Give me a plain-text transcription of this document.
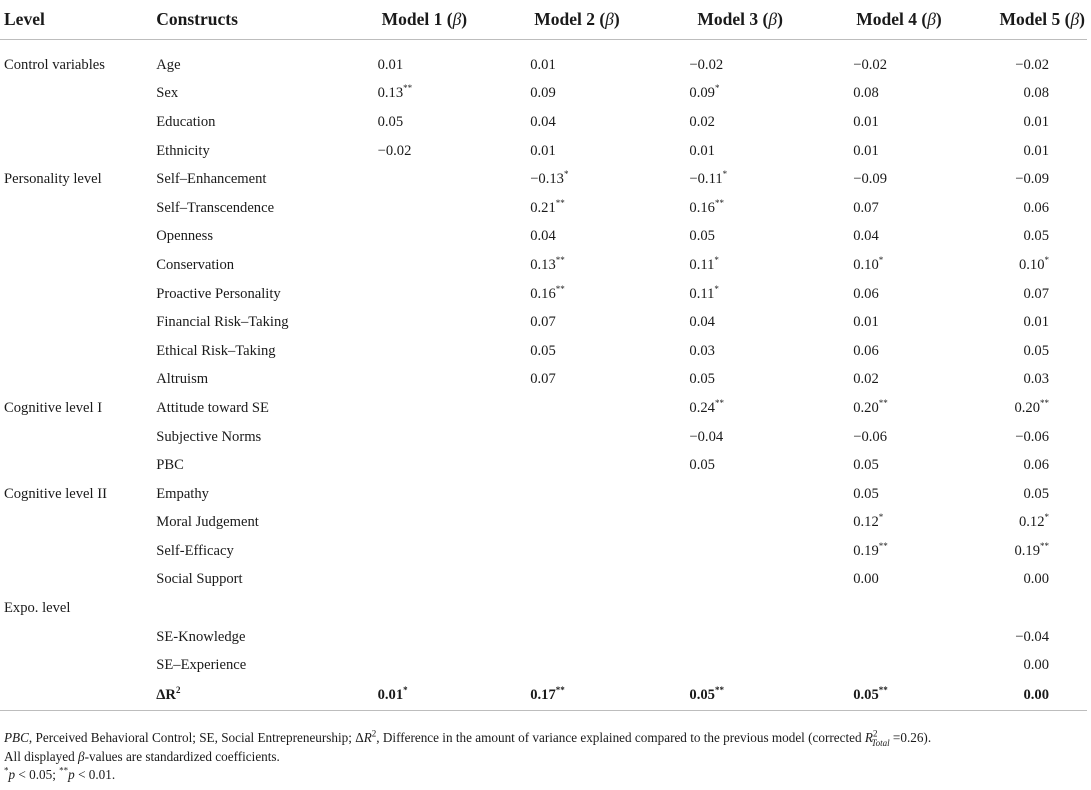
Level	Constructs	Model 1 (β)	Model 2 (β)	Model 3 (β)	Model 4 (β)	Model 5 (β)
Control variables	Age	0.01	0.01	−0.02	−0.02	−0.02
	Sex	0.13**	0.09	0.09*	0.08	0.08
	Education	0.05	0.04	0.02	0.01	0.01
	Ethnicity	−0.02	0.01	0.01	0.01	0.01
Personality level	Self–Enhancement		−0.13*	−0.11*	−0.09	−0.09
	Self–Transcendence		0.21**	0.16**	0.07	0.06
	Openness		0.04	0.05	0.04	0.05
	Conservation		0.13**	0.11*	0.10*	0.10*
	Proactive Personality		0.16**	0.11*	0.06	0.07
	Financial Risk–Taking		0.07	0.04	0.01	0.01
	Ethical Risk–Taking		0.05	0.03	0.06	0.05
	Altruism		0.07	0.05	0.02	0.03
Cognitive level I	Attitude toward SE			0.24**	0.20**	0.20**
	Subjective Norms			−0.04	−0.06	−0.06
	PBC			0.05	0.05	0.06
Cognitive level II	Empathy				0.05	0.05
	Moral Judgement				0.12*	0.12*
	Self-Efficacy				0.19**	0.19**
	Social Support				0.00	0.00
Expo. level						
	SE-Knowledge					−0.04
	SE–Experience					0.00
	$\Delta R^2$	0.01*	0.17**	0.05**	0.05**	0.00

PBC, Perceived Behavioral Control; SE, Social Entrepreneurship; $\Delta R^2$, Difference in the amount of variance explained compared to the previous model (corrected $R^2_{Total} =0.26$).

All displayed β-values are standardized coefficients.

*p < 0.05; **p < 0.01.
